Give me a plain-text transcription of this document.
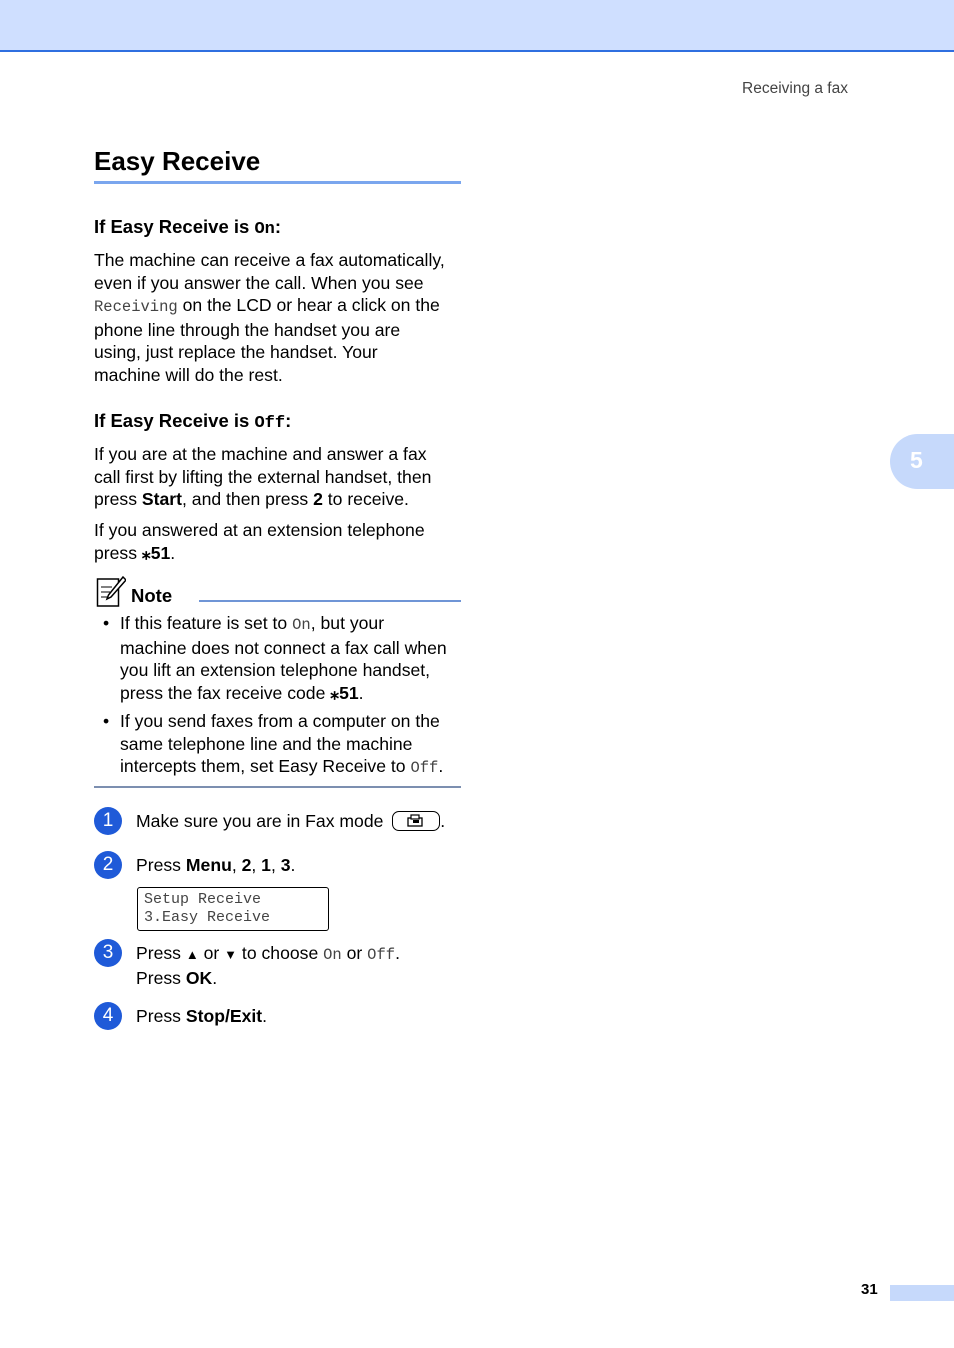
Receiving a fax
5
Easy Receive
If Easy Receive is On:

The machine can receive a fax automatically,
even if you answer the call. When you see
Receiving on the LCD or hear a click on the
phone line through the handset you are
using, just replace the handset. Your
machine will do the rest.

If Easy Receive is Off:

If you are at the machine and answer a fax
call first by lifting the external handset, then
press Start, and then press 2 to receive.

If you answered at an extension telephone
press ⁎51.

Note
• If this feature is set to On, but your
machine does not connect a fax call when
you lift an extension telephone handset,
press the fax receive code ⁎51.
• If you send faxes from a computer on the
same telephone line and the machine
intercepts them, set Easy Receive to Off.
1	Make sure you are in Fax mode	.
2	Press Menu, 2, 1, 3.
Setup Receive
3.Easy Receive
3	Press ▲ or ▼ to choose On or Off.
Press OK.
4	Press Stop/Exit.
31
